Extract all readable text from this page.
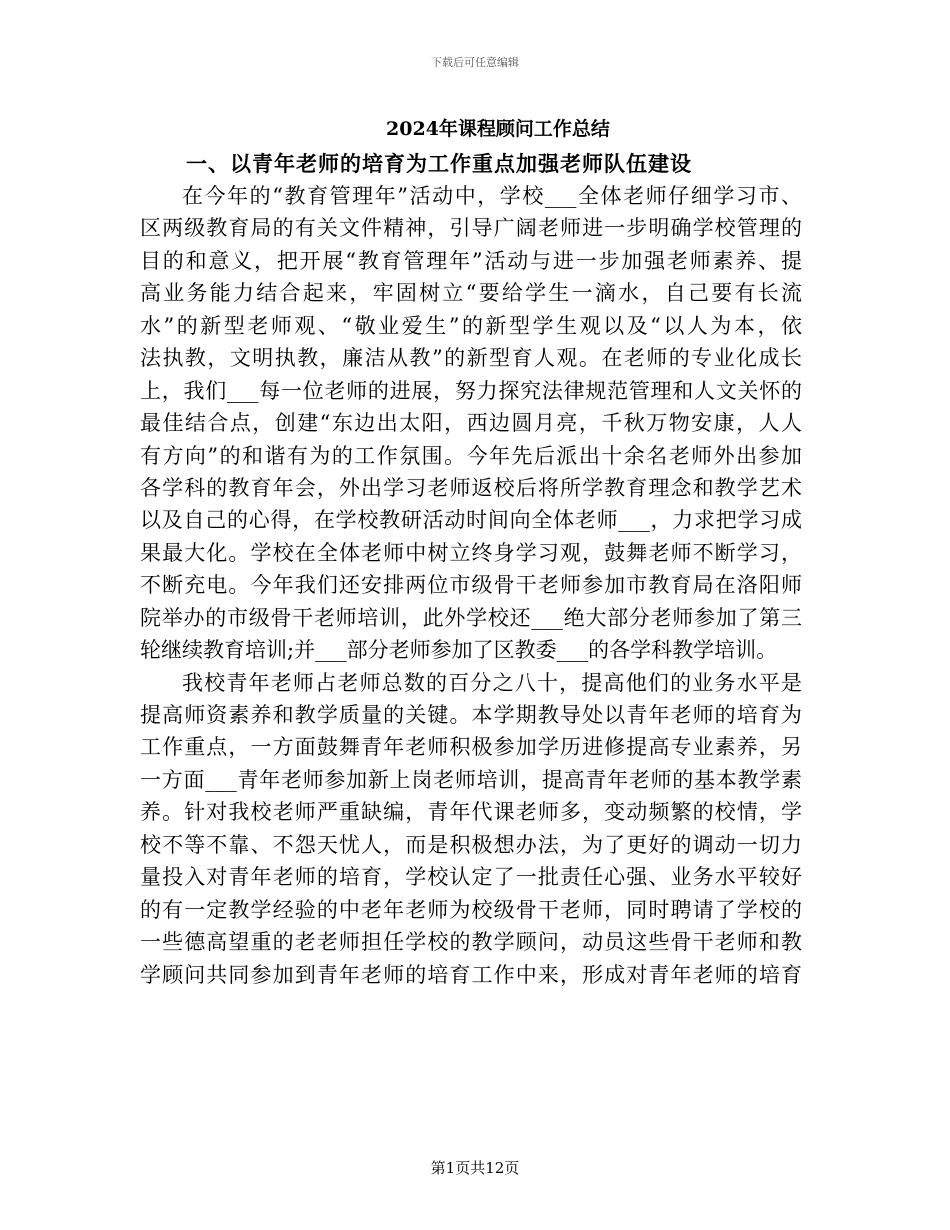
下载后可任意编辑
2024年课程顾问工作总结
一、以青年老师的培育为工作重点加强老师队伍建设
在今年的“教育管理年”活动中，学校___全体老师仔细学习市、
区两级教育局的有关文件精神，引导广阔老师进一步明确学校管理的
目的和意义，把开展“教育管理年”活动与进一步加强老师素养、提
高业务能力结合起来，牢固树立“要给学生一滴水，自己要有长流
水”的新型老师观、“敬业爱生”的新型学生观以及“以人为本，依
法执教，文明执教，廉洁从教”的新型育人观。在老师的专业化成长
上，我们___每一位老师的进展，努力探究法律规范管理和人文关怀的
最佳结合点，创建“东边出太阳，西边圆月亮，千秋万物安康，人人
有方向”的和谐有为的工作氛围。今年先后派出十余名老师外出参加
各学科的教育年会，外出学习老师返校后将所学教育理念和教学艺术
以及自己的心得，在学校教研活动时间向全体老师___，力求把学习成
果最大化。学校在全体老师中树立终身学习观，鼓舞老师不断学习，
不断充电。今年我们还安排两位市级骨干老师参加市教育局在洛阳师
院举办的市级骨干老师培训，此外学校还___绝大部分老师参加了第三
轮继续教育培训;并___部分老师参加了区教委___的各学科教学培训。
我校青年老师占老师总数的百分之八十，提高他们的业务水平是
提高师资素养和教学质量的关键。本学期教导处以青年老师的培育为
工作重点，一方面鼓舞青年老师积极参加学历进修提高专业素养，另
一方面___青年老师参加新上岗老师培训，提高青年老师的基本教学素
养。针对我校老师严重缺编，青年代课老师多，变动频繁的校情，学
校不等不靠、不怨天忧人，而是积极想办法，为了更好的调动一切力
量投入对青年老师的培育，学校认定了一批责任心强、业务水平较好
的有一定教学经验的中老年老师为校级骨干老师，同时聘请了学校的
一些德高望重的老老师担任学校的教学顾问，动员这些骨干老师和教
学顾问共同参加到青年老师的培育工作中来，形成对青年老师的培育
第1页共12页
